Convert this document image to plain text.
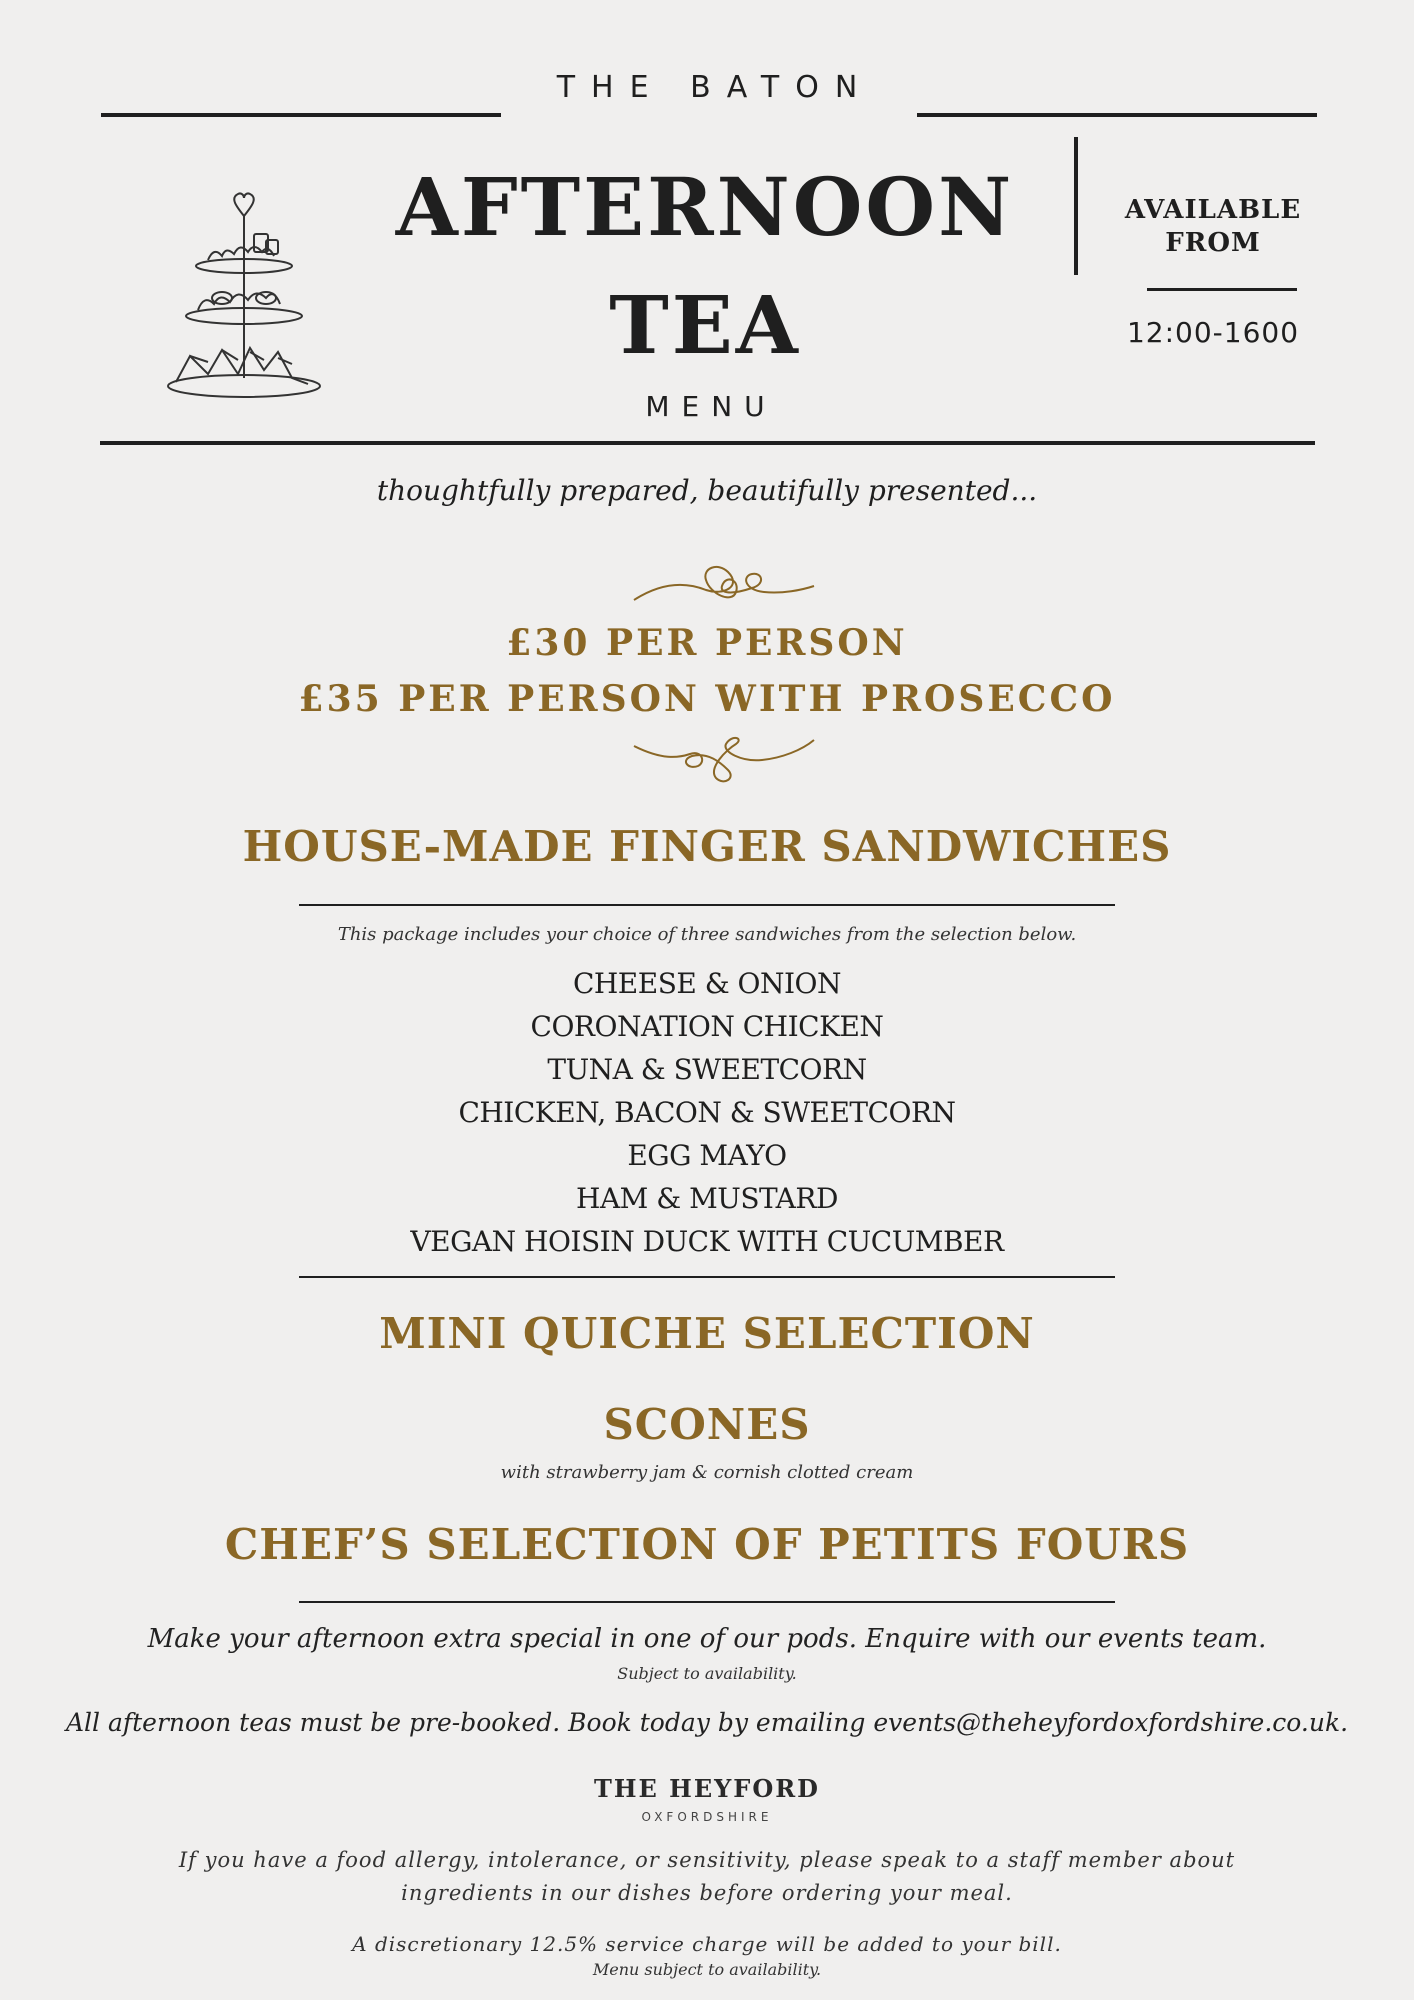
THE BATON
AFTERNOON
TEA
MENU
AVAILABLE
FROM
12:00-1600
thoughtfully prepared, beautifully presented...
£30 PER PERSON
£35 PER PERSON WITH PROSECCO
HOUSE-MADE FINGER SANDWICHES
This package includes your choice of three sandwiches from the selection below.
CHEESE & ONION
CORONATION CHICKEN
TUNA & SWEETCORN
CHICKEN, BACON & SWEETCORN
EGG MAYO
HAM & MUSTARD
VEGAN HOISIN DUCK WITH CUCUMBER
MINI QUICHE SELECTION
SCONES
with strawberry jam & cornish clotted cream
CHEF’S SELECTION OF PETITS FOURS
Make your afternoon extra special in one of our pods. Enquire with our events team.
Subject to availability.
All afternoon teas must be pre-booked. Book today by emailing events@theheyfordoxfordshire.co.uk.
THE HEYFORD
OXFORDSHIRE
If you have a food allergy, intolerance, or sensitivity, please speak to a staff member about ingredients in our dishes before ordering your meal.
A discretionary 12.5% service charge will be added to your bill.
Menu subject to availability.
